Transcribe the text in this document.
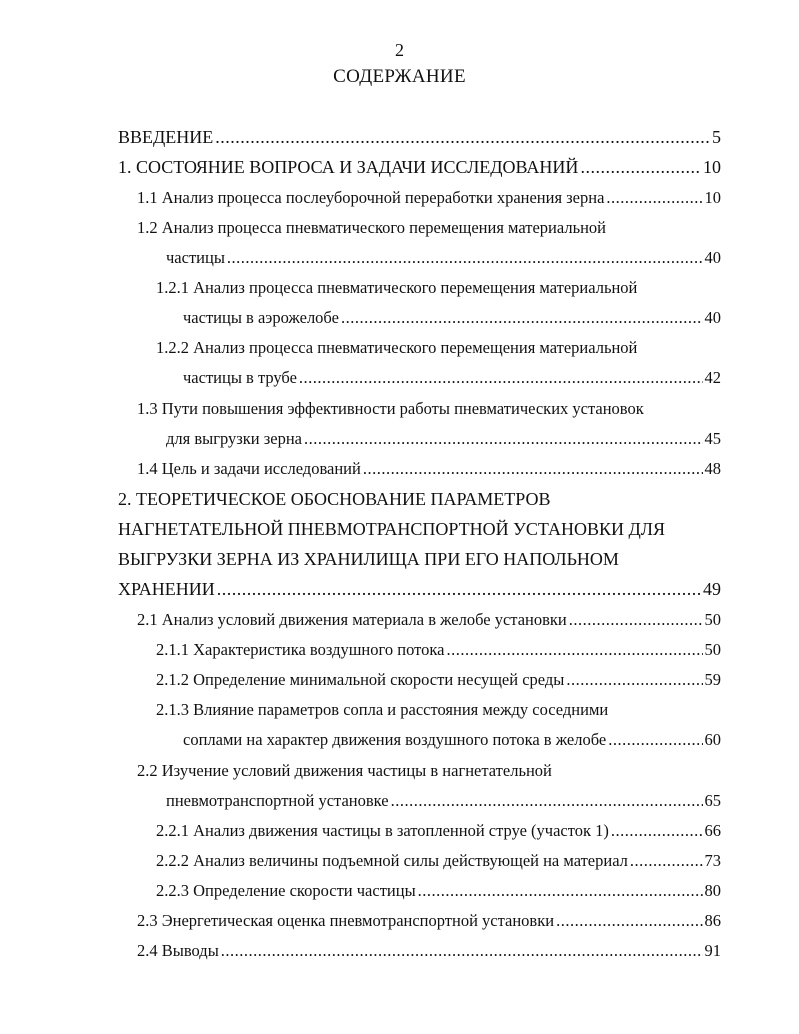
2
СОДЕРЖАНИЕ
ВВЕДЕНИЕ .....	5
1. СОСТОЯНИЕ ВОПРОСА И ЗАДАЧИ ИССЛЕДОВАНИЙ .....	10
1.1 Анализ процесса послеуборочной переработки хранения зерна .....	10
1.2 Анализ процесса пневматического перемещения материальной
частицы .....	40
1.2.1 Анализ процесса пневматического перемещения материальной
частицы в аэрожелобе .....	40
1.2.2 Анализ процесса пневматического перемещения материальной
частицы в трубе .....	42
1.3 Пути повышения эффективности работы пневматических установок
для выгрузки зерна .....	45
1.4 Цель и задачи исследований .....	48
2. ТЕОРЕТИЧЕСКОЕ ОБОСНОВАНИЕ ПАРАМЕТРОВ
НАГНЕТАТЕЛЬНОЙ ПНЕВМОТРАНСПОРТНОЙ УСТАНОВКИ ДЛЯ
ВЫГРУЗКИ ЗЕРНА ИЗ ХРАНИЛИЩА ПРИ ЕГО НАПОЛЬНОМ
ХРАНЕНИИ .....	49
2.1 Анализ условий движения материала в желобе установки .....	50
2.1.1 Характеристика воздушного потока .....	50
2.1.2 Определение минимальной скорости несущей среды .....	59
2.1.3 Влияние параметров сопла и расстояния между соседними
соплами на характер движения воздушного потока в желобе .....	60
2.2 Изучение условий движения частицы в нагнетательной
пневмотранспортной установке .....	65
2.2.1 Анализ движения частицы в затопленной струе (участок 1) .....	66
2.2.2 Анализ величины подъемной силы действующей на материал .....	73
2.2.3 Определение скорости частицы .....	80
2.3 Энергетическая оценка пневмотранспортной установки .....	86
2.4 Выводы .....	91
